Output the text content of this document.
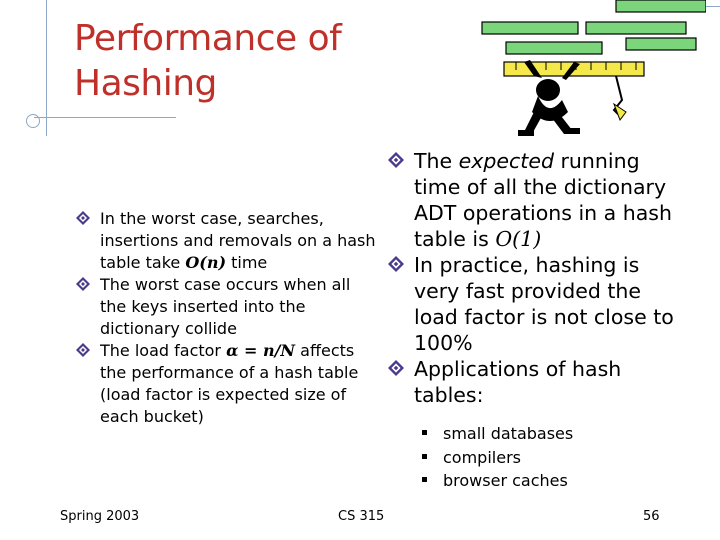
Performance of
Hashing
In the worst case, searches, insertions and removals on a hash table take O(n) time
The worst case occurs when all the keys inserted into the dictionary collide
The load factor α = n/N affects the performance of a hash table (load factor is expected size of each bucket)
The expected running time of all the dictionary ADT operations in a hash table is O(1)
In practice, hashing is very fast provided the load factor is not close to 100%
Applications of hash tables:
small databases
compilers
browser caches
Spring 2003	CS 315	56
